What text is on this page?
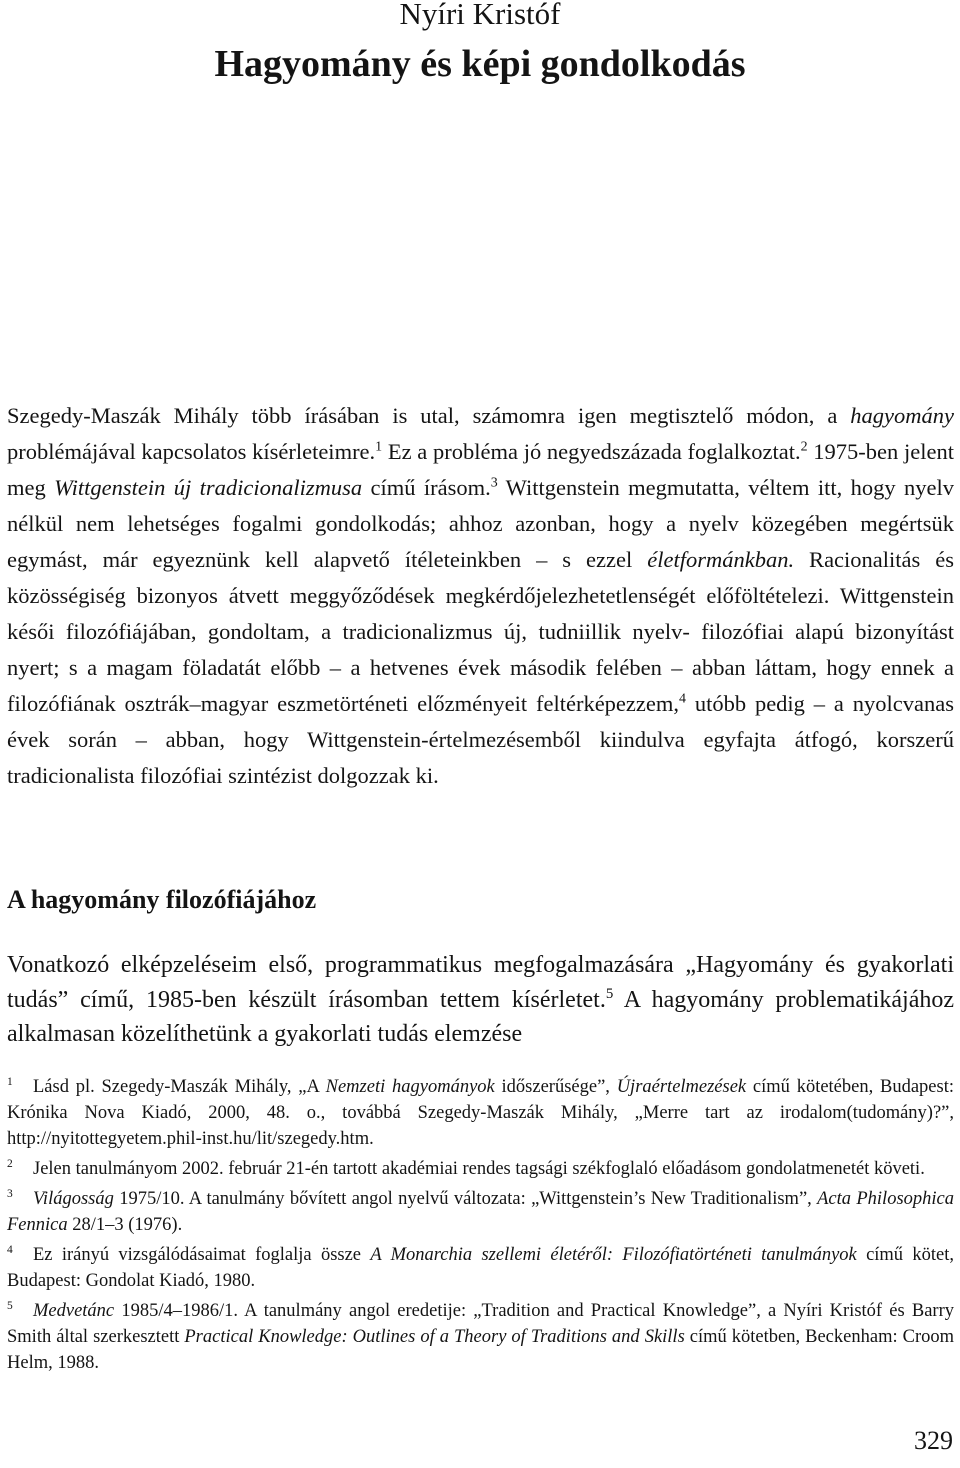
Nyíri Kristóf
Hagyomány és képi gondolkodás
Szegedy-Maszák Mihály több írásában is utal, számomra igen megtisztelő módon, a hagyomány problémájával kapcsolatos kísérleteimre.$^1$ Ez a probléma jó negyedszázada foglalkoztat.$^2$ 1975-ben jelent meg Wittgenstein új tradicionalizmusa című írásom.$^3$ Wittgenstein megmutatta, véltem itt, hogy nyelv nélkül nem lehetséges fogalmi gondolkodás; ahhoz azonban, hogy a nyelv közegében megértsük egymást, már egyeznünk kell alapvető ítéleteinkben – s ezzel életformánkban. Racionalitás és közösségiség bizonyos átvett meggyőződések megkérdőjelezhetetlenségét előföltételezi. Wittgenstein késői filozófiájában, gondoltam, a tradicionalizmus új, tudniillik nyelv- filozófiai alapú bizonyítást nyert; s a magam föladatát előbb – a hetvenes évek második felében – abban láttam, hogy ennek a filozófiának osztrák–magyar eszmetörténeti előzményeit feltérképezzem,$^4$ utóbb pedig – a nyolcvanas évek során – abban, hogy Wittgenstein-értelmezésemből kiindulva egyfajta átfogó, korszerű tradicionalista filozófiai szintézist dolgozzak ki.
A hagyomány filozófiájához
Vonatkozó elképzeléseim első, programmatikus megfogalmazására „Hagyomány és gyakorlati tudás” című, 1985-ben készült írásomban tettem kísérletet.$^5$ A hagyomány problematikájához alkalmasan közelíthetünk a gyakorlati tudás elemzése
$^1$ Lásd pl. Szegedy-Maszák Mihály, „A Nemzeti hagyományok időszerűsége”, Újraértelmezések című kötetében, Budapest: Krónika Nova Kiadó, 2000, 48. o., továbbá Szegedy-Maszák Mihály, „Merre tart az irodalom(tudomány)?”, http://nyitottegyetem.phil-inst.hu/lit/szegedy.htm.
$^2$ Jelen tanulmányom 2002. február 21-én tartott akadémiai rendes tagsági székfoglaló előadásom gondolatmenetét követi.
$^3$ Világosság 1975/10. A tanulmány bővített angol nyelvű változata: „Wittgenstein’s New Traditionalism”, Acta Philosophica Fennica 28/1–3 (1976).
$^4$ Ez irányú vizsgálódásaimat foglalja össze A Monarchia szellemi életéről: Filozófiatörténeti tanulmányok című kötet, Budapest: Gondolat Kiadó, 1980.
$^5$ Medvetánc 1985/4–1986/1. A tanulmány angol eredetije: „Tradition and Practical Knowledge”, a Nyíri Kristóf és Barry Smith által szerkesztett Practical Knowledge: Outlines of a Theory of Traditions and Skills című kötetben, Beckenham: Croom Helm, 1988.
329
